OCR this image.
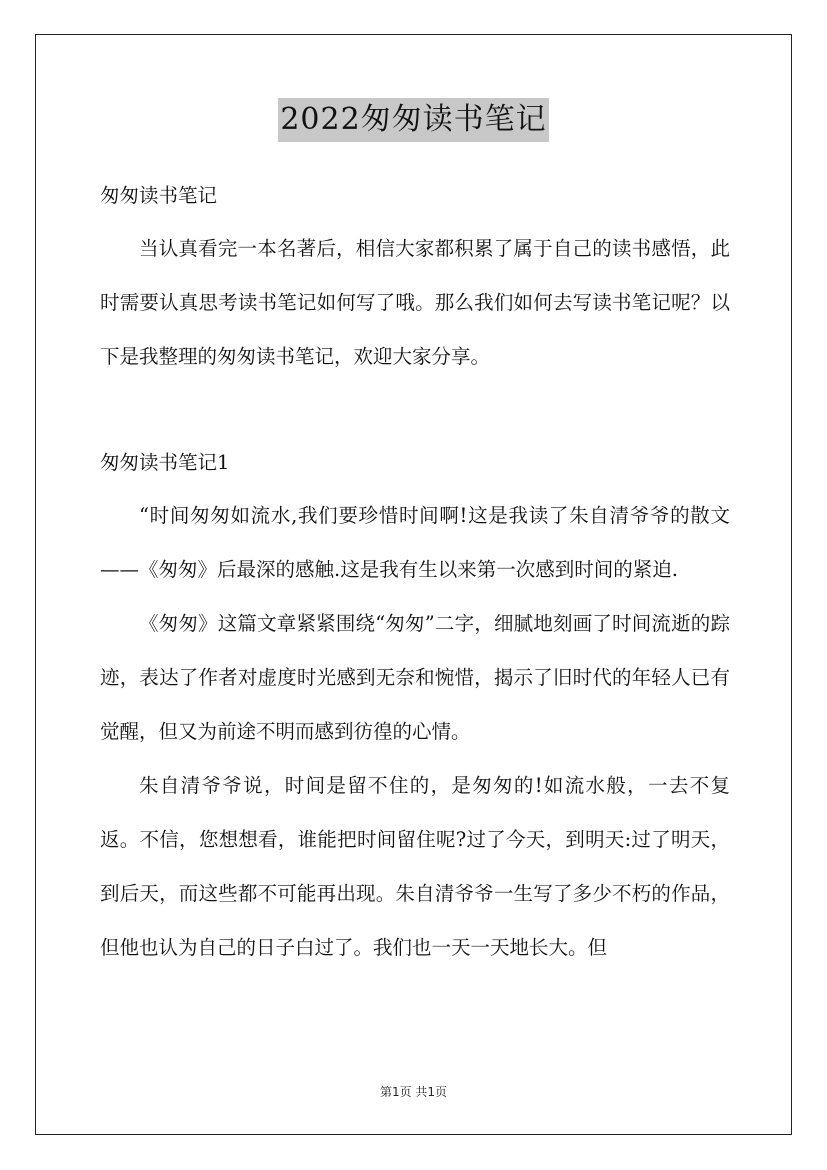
2022匆匆读书笔记

匆匆读书笔记

当认真看完一本名著后，相信大家都积累了属于自己的读书感悟，此时需要认真思考读书笔记如何写了哦。那么我们如何去写读书笔记呢？以下是我整理的匆匆读书笔记，欢迎大家分享。

匆匆读书笔记1

“时间匆匆如流水,我们要珍惜时间啊!这是我读了朱自清爷爷的散文——《匆匆》后最深的感触.这是我有生以来第一次感到时间的紧迫.

《匆匆》这篇文章紧紧围绕“匆匆”二字，细腻地刻画了时间流逝的踪迹，表达了作者对虚度时光感到无奈和惋惜，揭示了旧时代的年轻人已有觉醒，但又为前途不明而感到彷徨的心情。

朱自清爷爷说，时间是留不住的，是匆匆的!如流水般，一去不复返。不信，您想想看，谁能把时间留住呢?过了今天，到明天:过了明天，到后天，而这些都不可能再出现。朱自清爷爷一生写了多少不朽的作品，但他也认为自己的日子白过了。我们也一天一天地长大。但

第1页 共1页
